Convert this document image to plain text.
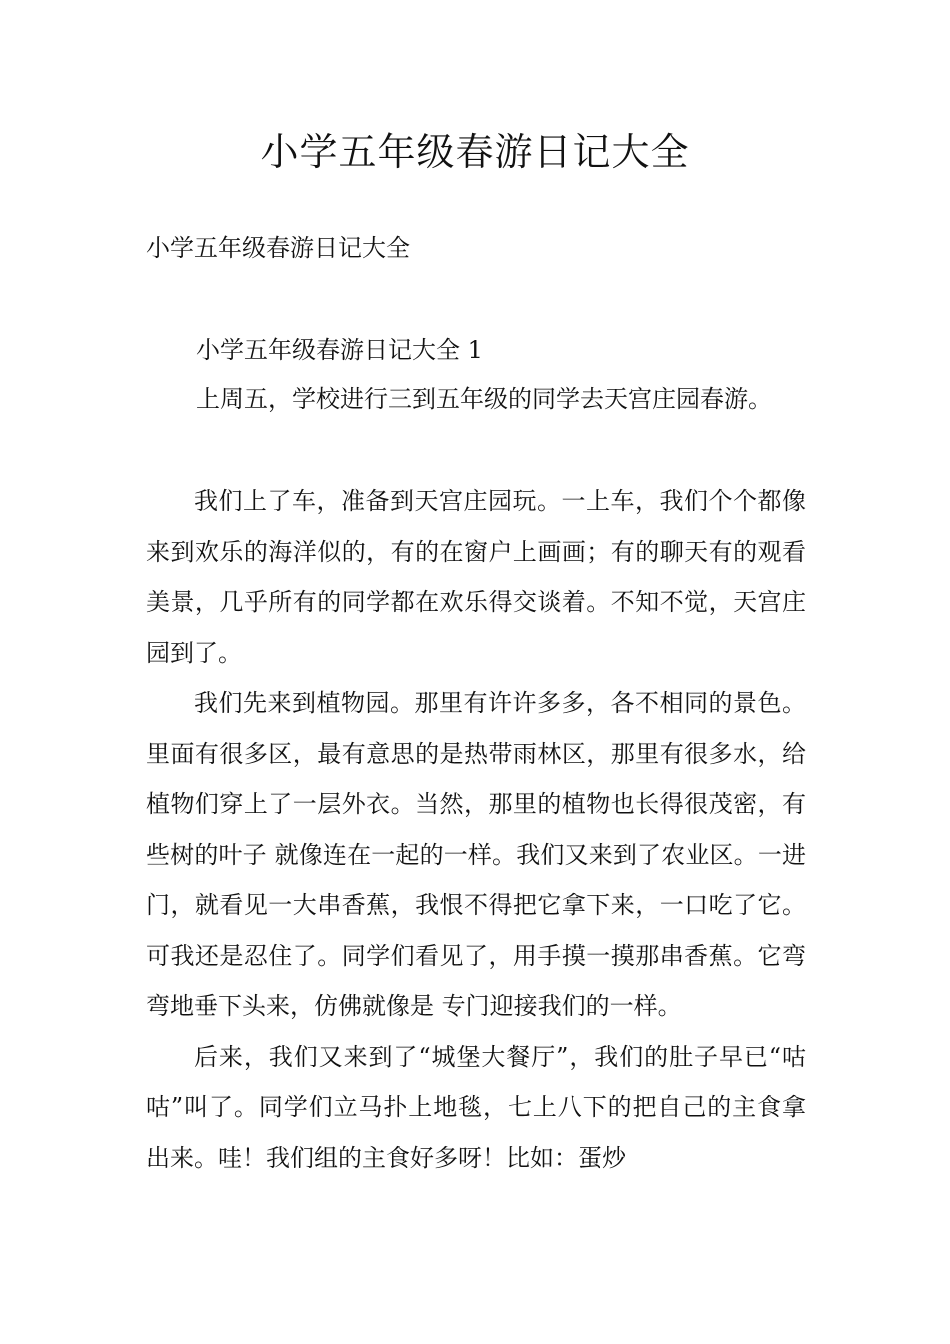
小学五年级春游日记大全
小学五年级春游日记大全
小学五年级春游日记大全 1
上周五，学校进行三到五年级的同学去天宫庄园春游。

我们上了车，准备到天宫庄园玩。一上车，我们个个都像来到欢乐的海洋似的，有的在窗户上画画；有的聊天有的观看美景，几乎所有的同学都在欢乐得交谈着。不知不觉，天宫庄园到了。

我们先来到植物园。那里有许许多多，各不相同的景色。里面有很多区，最有意思的是热带雨林区，那里有很多水，给植物们穿上了一层外衣。当然，那里的植物也长得很茂密，有些树的叶子 就像连在一起的一样。我们又来到了农业区。一进门，就看见一大串香蕉，我恨不得把它拿下来，一口吃了它。可我还是忍住了。同学们看见了，用手摸一摸那串香蕉。它弯弯地垂下头来，仿佛就像是 专门迎接我们的一样。

后来，我们又来到了“城堡大餐厅”，我们的肚子早已“咕咕”叫了。同学们立马扑上地毯，七上八下的把自己的主食拿出来。哇！我们组的主食好多呀！比如：蛋炒
